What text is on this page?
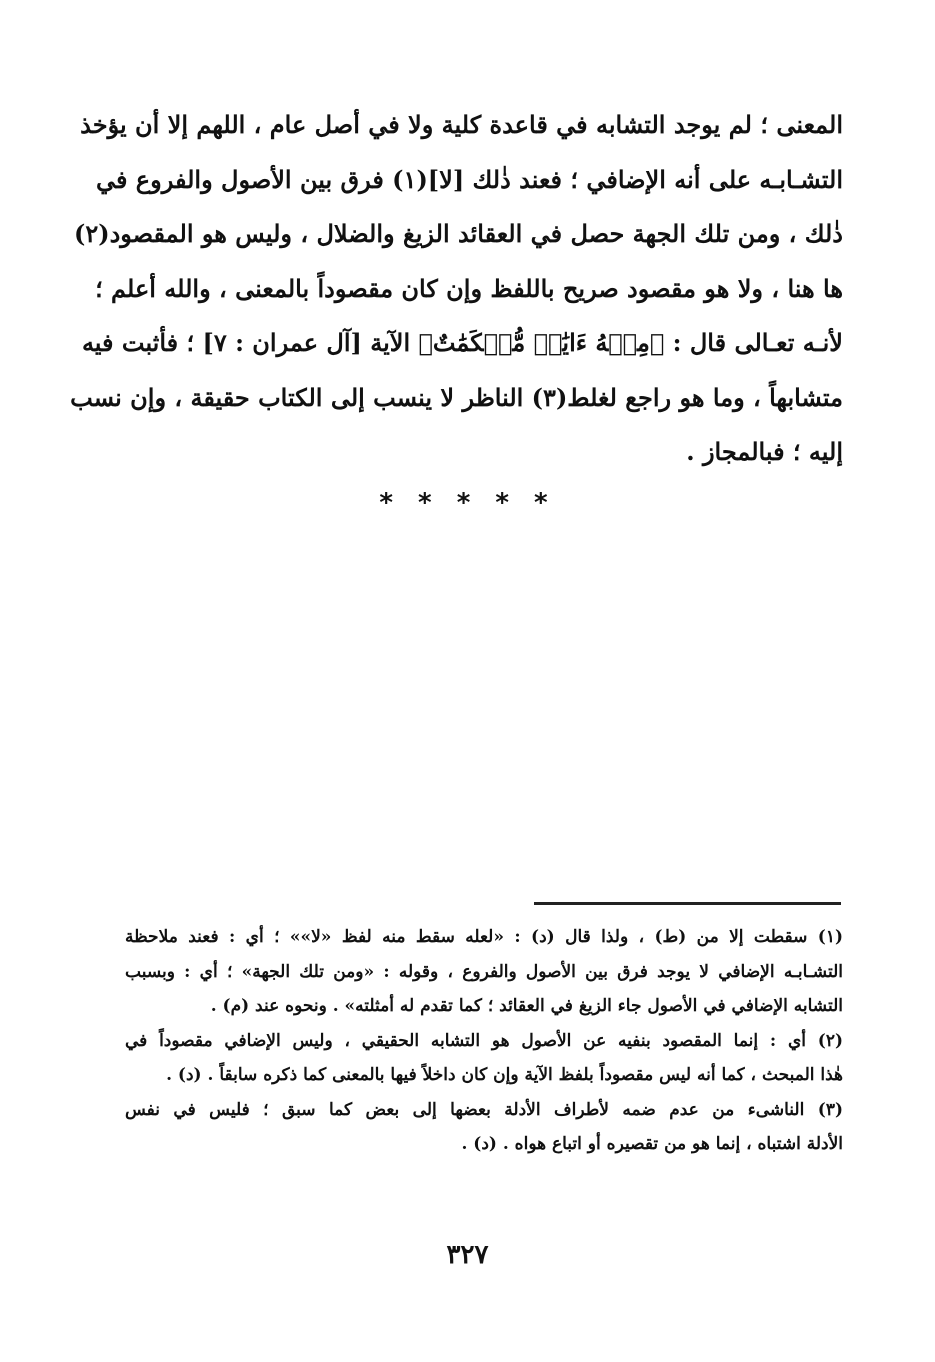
المعنى ؛ لم يوجد التشابه في قاعدة كلية ولا في أصل عام ، اللهم إلا أن يؤخذ
التشـابـه على أنه الإضافي ؛ فعند ذٰلك [لا](١) فرق بين الأصول والفروع في
ذٰلك ، ومن تلك الجهة حصل في العقائد الزيغ والضلال ، وليس هو المقصود(٢)
ها هنا ، ولا هو مقصود صريح باللفظ وإن كان مقصوداً بالمعنى ، والله أعلم ؛
لأنـه تعـالى قال : ﴿مِنۡهُ ءَايَٰتٞ مُّحۡكَمَٰتٌ﴾ الآية [آل عمران : ٧] ؛ فأثبت فيه
متشابهاً ، وما هو راجع لغلط(٣) الناظر لا ينسب إلى الكتاب حقيقة ، وإن نسب
إليه ؛ فبالمجاز .
* * * * *
(١) سقطت إلا من (ط) ، ولذا قال (د) : «لعله سقط منه لفظ «لا»» ؛ أي : فعند ملاحظة
التشـابـه الإضافي لا يوجد فرق بين الأصول والفروع ، وقوله : «ومن تلك الجهة» ؛ أي : وبسبب
التشابه الإضافي في الأصول جاء الزيغ في العقائد ؛ كما تقدم له أمثلته» . ونحوه عند (م) .
(٢) أي : إنما المقصود بنفيه عن الأصول هو التشابه الحقيقي ، وليس الإضافي مقصوداً في
هٰذا المبحث ، كما أنه ليس مقصوداً بلفظ الآية وإن كان داخلاً فيها بالمعنى كما ذكره سابقاً . (د) .
(٣) الناشىء من عدم ضمه لأطراف الأدلة بعضها إلى بعض كما سبق ؛ فليس في نفس
الأدلة اشتباه ، إنما هو من تقصيره أو اتباع هواه . (د) .
٣٢٧
